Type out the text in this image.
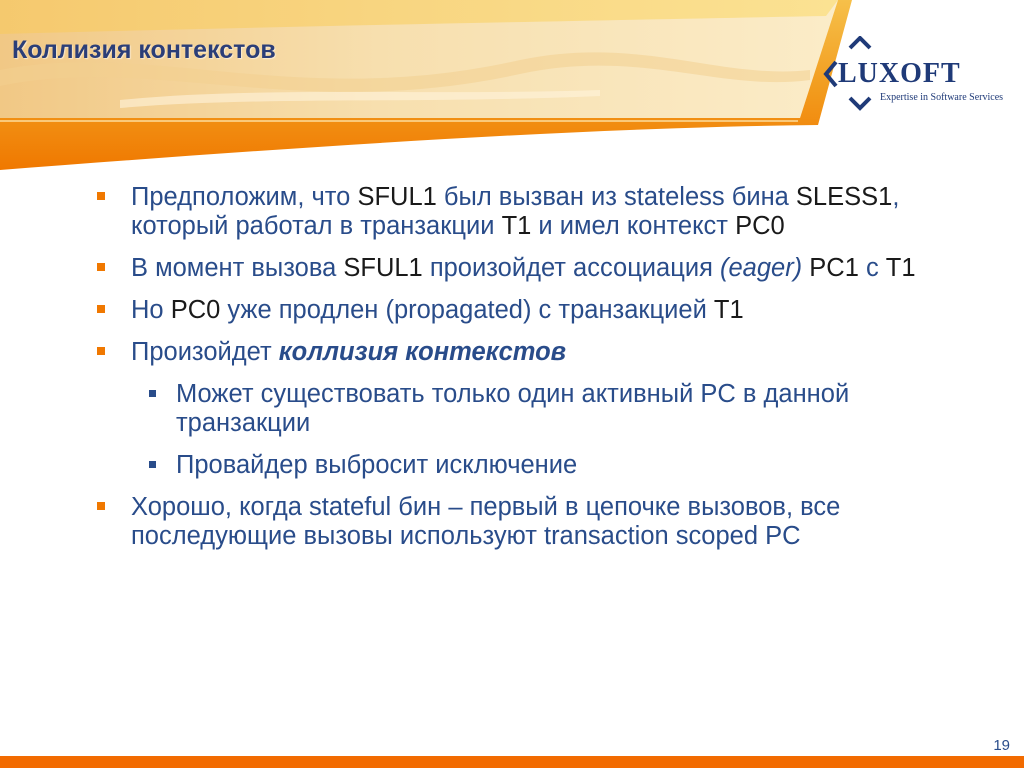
Коллизия контекстов
LUXOFT
Expertise in Software Services
Предположим, что SFUL1 был вызван из stateless бина SLESS1, который работал в транзакции T1 и имел контекст PC0
В момент вызова SFUL1 произойдет ассоциация (eager) PC1 с T1
Но PC0 уже продлен (propagated) с транзакцией T1
Произойдет коллизия контекстов
Может существовать только один активный PC в данной транзакции
Провайдер выбросит исключение
Хорошо, когда stateful бин – первый в цепочке вызовов, все последующие вызовы используют transaction scoped PC
19
